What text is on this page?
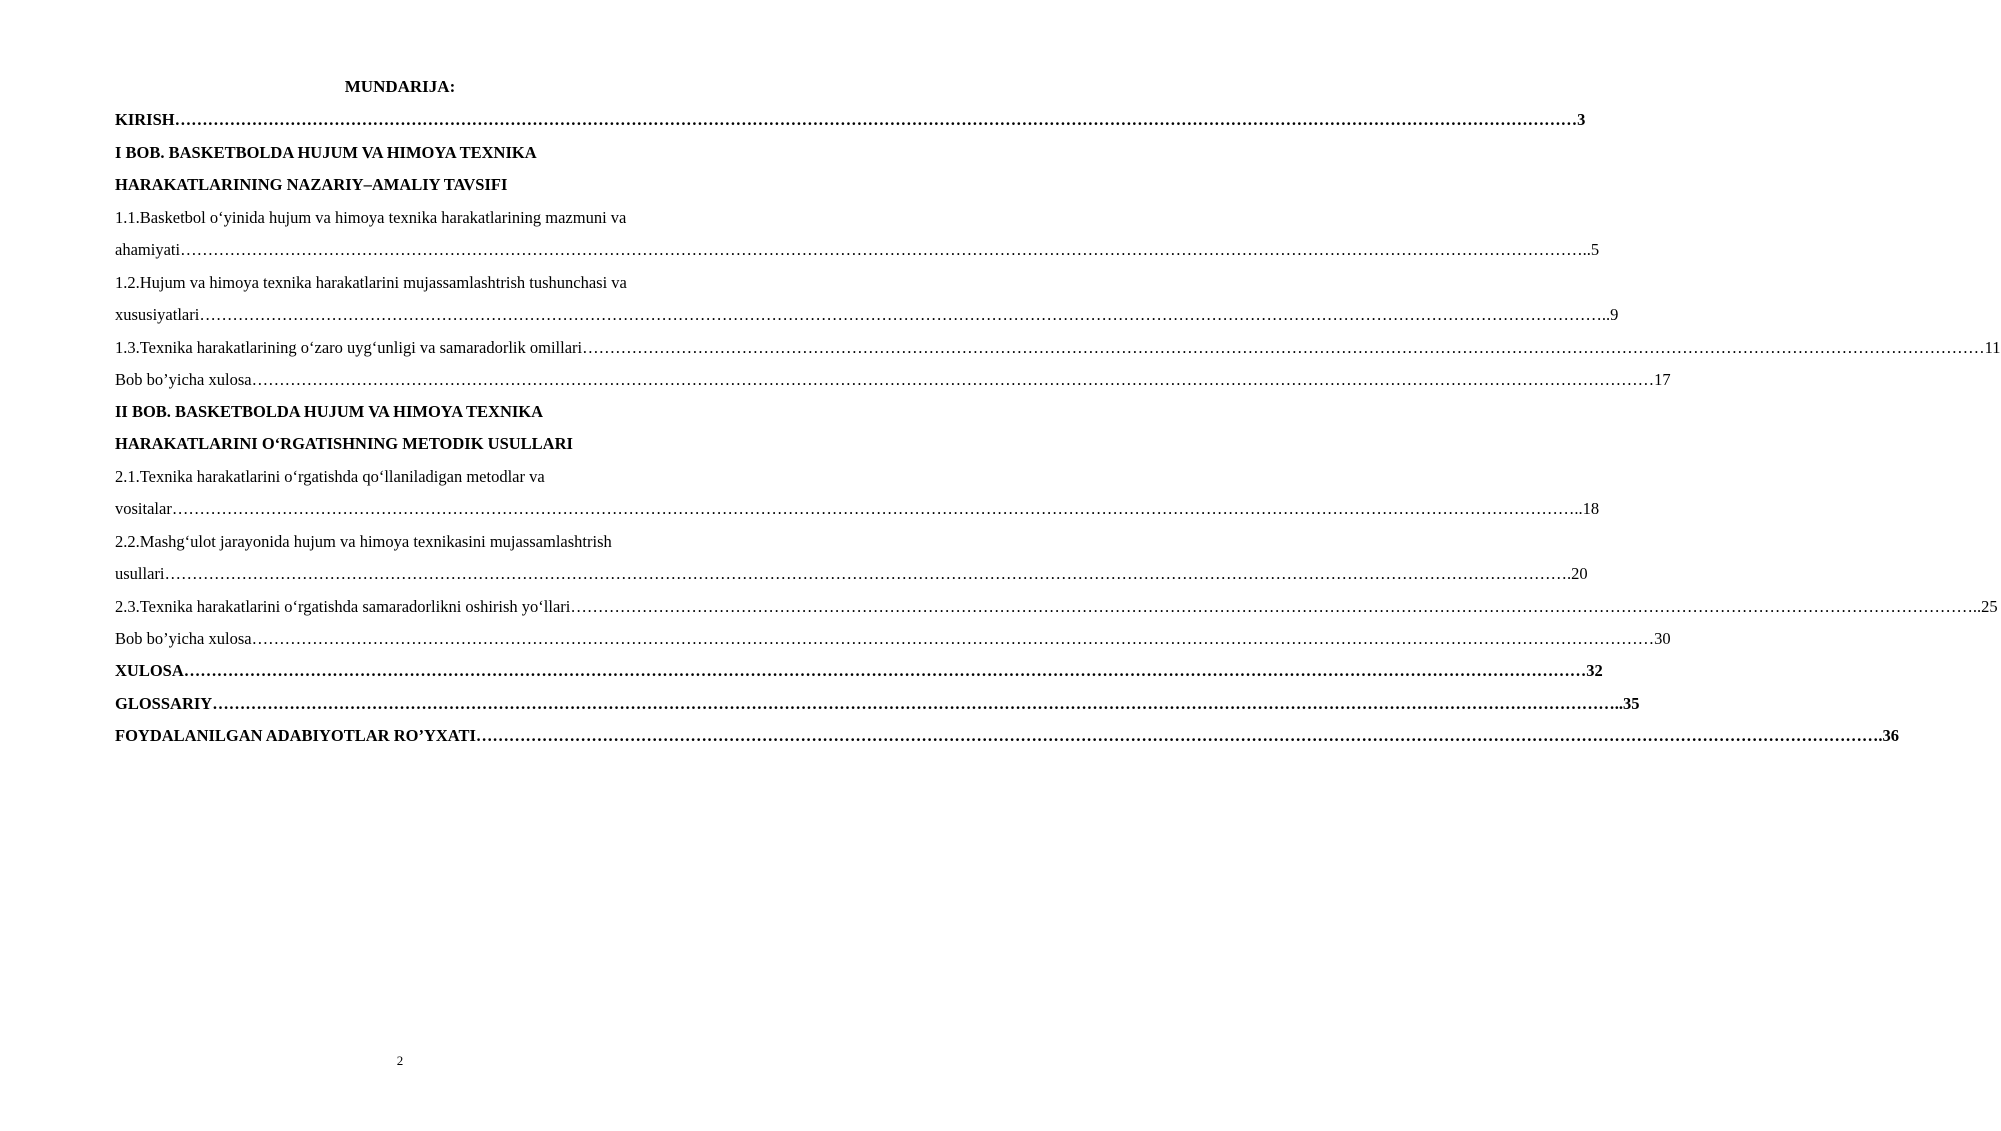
MUNDARIJA:
KIRISH ………………………………………………………………………………………………………………………………………………………………………………………………………………………………… 3
I BOB. BASKETBOLDA HUJUM VA HIMOYA TEXNIKA
HARAKATLARINING NAZARIY–AMALIY TAVSIFI
1.1.Basketbol o‘yinida hujum va himoya texnika harakatlarining mazmuni va
ahamiyati ………………………………………………………………………………………………………………………………………………………………………………………………………………………………… ..5
1.2.Hujum va himoya texnika harakatlarini mujassamlashtrish tushunchasi va
xususiyatlari ………………………………………………………………………………………………………………………………………………………………………………………………………………………………… ..9
1.3.Texnika harakatlarining o‘zaro uyg‘unligi va samaradorlik omillari ………………………………………………………………………………………………………………………………………………………………………………………………………………………………… 11
Bob bo’yicha xulosa ………………………………………………………………………………………………………………………………………………………………………………………………………………………………… 17
II BOB. BASKETBOLDA HUJUM VA HIMOYA TEXNIKA
HARAKATLARINI O‘RGATISHNING METODIK USULLARI
2.1.Texnika harakatlarini o‘rgatishda qo‘llaniladigan metodlar va
vositalar ………………………………………………………………………………………………………………………………………………………………………………………………………………………………… ..18
2.2.Mashg‘ulot jarayonida hujum va himoya texnikasini mujassamlashtrish
usullari ………………………………………………………………………………………………………………………………………………………………………………………………………………………………… .20
2.3.Texnika harakatlarini o‘rgatishda samaradorlikni oshirish yo‘llari ………………………………………………………………………………………………………………………………………………………………………………………………………………………………… ..25
Bob bo’yicha xulosa ………………………………………………………………………………………………………………………………………………………………………………………………………………………………… 30
XULOSA ………………………………………………………………………………………………………………………………………………………………………………………………………………………………… 32
GLOSSARIY ………………………………………………………………………………………………………………………………………………………………………………………………………………………………… ..35
FOYDALANILGAN ADABIYOTLAR RO’YXATI ………………………………………………………………………………………………………………………………………………………………………………………………………………………………… .36
2
